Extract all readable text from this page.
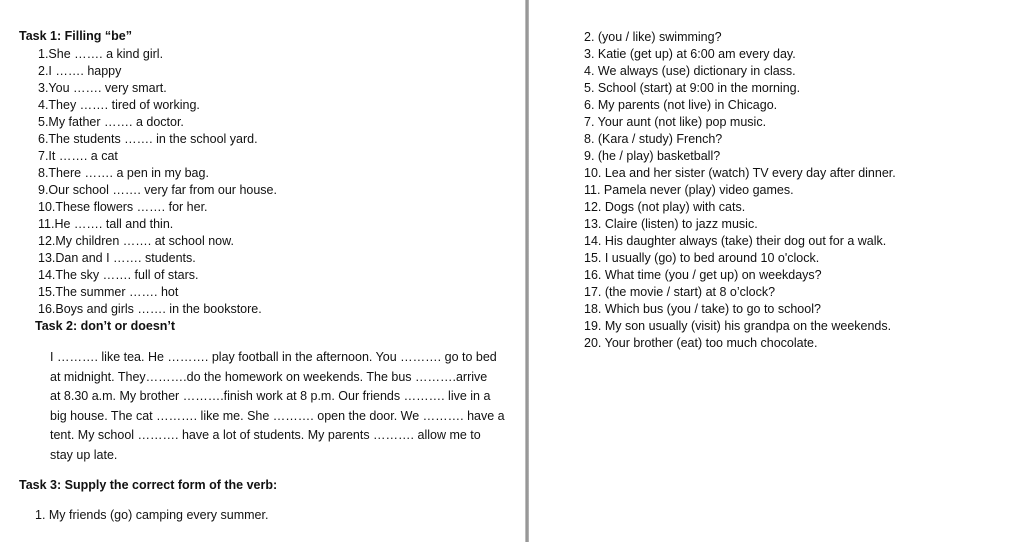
Task 1: Filling “be”
1.She ……. a kind girl.
2.I ……. happy
3.You ……. very smart.
4.They ……. tired of working.
5.My father ……. a doctor.
6.The students ……. in the school yard.
7.It ……. a cat
8.There ……. a pen in my bag.
9.Our school ……. very far from our house.
10.These flowers ……. for her.
11.He ……. tall and thin.
12.My children ……. at school now.
13.Dan and I ……. students.
14.The sky ……. full of stars.
15.The summer ……. hot
16.Boys and girls ……. in the bookstore.
Task 2: don’t or doesn’t
I ………. like tea. He ………. play football in the afternoon. You ………. go to bed
at midnight. They……….do the homework on weekends. The bus ……….arrive
at 8.30 a.m. My brother ……….finish work at 8 p.m. Our friends ………. live in a
big house. The cat ………. like me. She ………. open the door. We ………. have a
tent. My school ………. have a lot of students. My parents ………. allow me to
stay up late.
Task 3: Supply the correct form of the verb:
1. My friends (go) camping every summer.
2. (you / like) swimming?
3. Katie (get up) at 6:00 am every day.
4. We always (use) dictionary in class.
5. School (start) at 9:00 in the morning.
6. My parents (not live) in Chicago.
7. Your aunt (not like) pop music.
8. (Kara / study) French?
9. (he / play) basketball?
10. Lea and her sister (watch) TV every day after dinner.
11. Pamela never (play) video games.
12. Dogs (not play) with cats.
13. Claire (listen) to jazz music.
14. His daughter always (take) their dog out for a walk.
15. I usually (go) to bed around 10 o'clock.
16. What time (you / get up) on weekdays?
17. (the movie / start) at 8 o’clock?
18. Which bus (you / take) to go to school?
19. My son usually (visit) his grandpa on the weekends.
20. Your brother (eat) too much chocolate.
